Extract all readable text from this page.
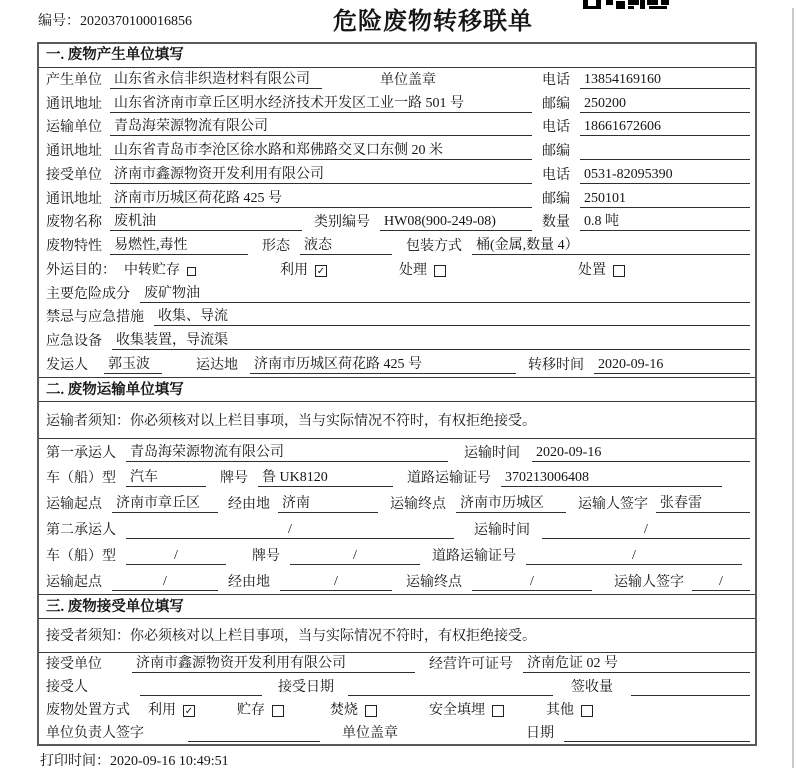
编号：2020370100016856	危险废物转移联单
一. 废物产生单位填写
产生单位 山东省永信非织造材料有限公司	单位盖章	电话 13854169160
通讯地址 山东省济南市章丘区明水经济技术开发区工业一路 501 号	邮编 250200
运输单位 青岛海荣源物流有限公司	电话 18661672606
通讯地址 山东省青岛市李沧区徐水路和郑佛路交叉口东侧 20 米	邮编
接受单位 济南市鑫源物资开发利用有限公司	电话 0531-82095390
通讯地址 济南市历城区荷花路 425 号	邮编 250101
废物名称 废机油	类别编号 HW08(900-249-08)	数量 0.8 吨
废物特性 易燃性,毒性	形态 液态	包装方式 桶(金属,数量 4）
外运目的： 中转贮存	利用 ✓	处理	处置
主要危险成分 废矿物油
禁忌与应急措施 收集、导流
应急设备 收集装置，导流渠
发运人 郭玉波	运达地 济南市历城区荷花路 425 号	转移时间 2020-09-16
二. 废物运输单位填写
运输者须知：你必须核对以上栏目事项，当与实际情况不符时，有权拒绝接受。
第一承运人 青岛海荣源物流有限公司	运输时间 2020-09-16
车（船）型 汽车	牌号 鲁 UK8120	道路运输证号 370213006408
运输起点 济南市章丘区	经由地 济南	运输终点 济南市历城区	运输人签字 张春雷
第二承运人	/	运输时间	/
车（船）型	/	牌号	/	道路运输证号	/
运输起点	/	经由地	/	运输终点	/	运输人签字	/
三. 废物接受单位填写
接受者须知：你必须核对以上栏目事项，当与实际情况不符时，有权拒绝接受。
接受单位 济南市鑫源物资开发利用有限公司	经营许可证号 济南危证 02 号
接受人	接受日期	签收量
废物处置方式 利用 ✓	贮存	焚烧	安全填埋	其他
单位负责人签字	单位盖章	日期
打印时间：2020-09-16 10:49:51
